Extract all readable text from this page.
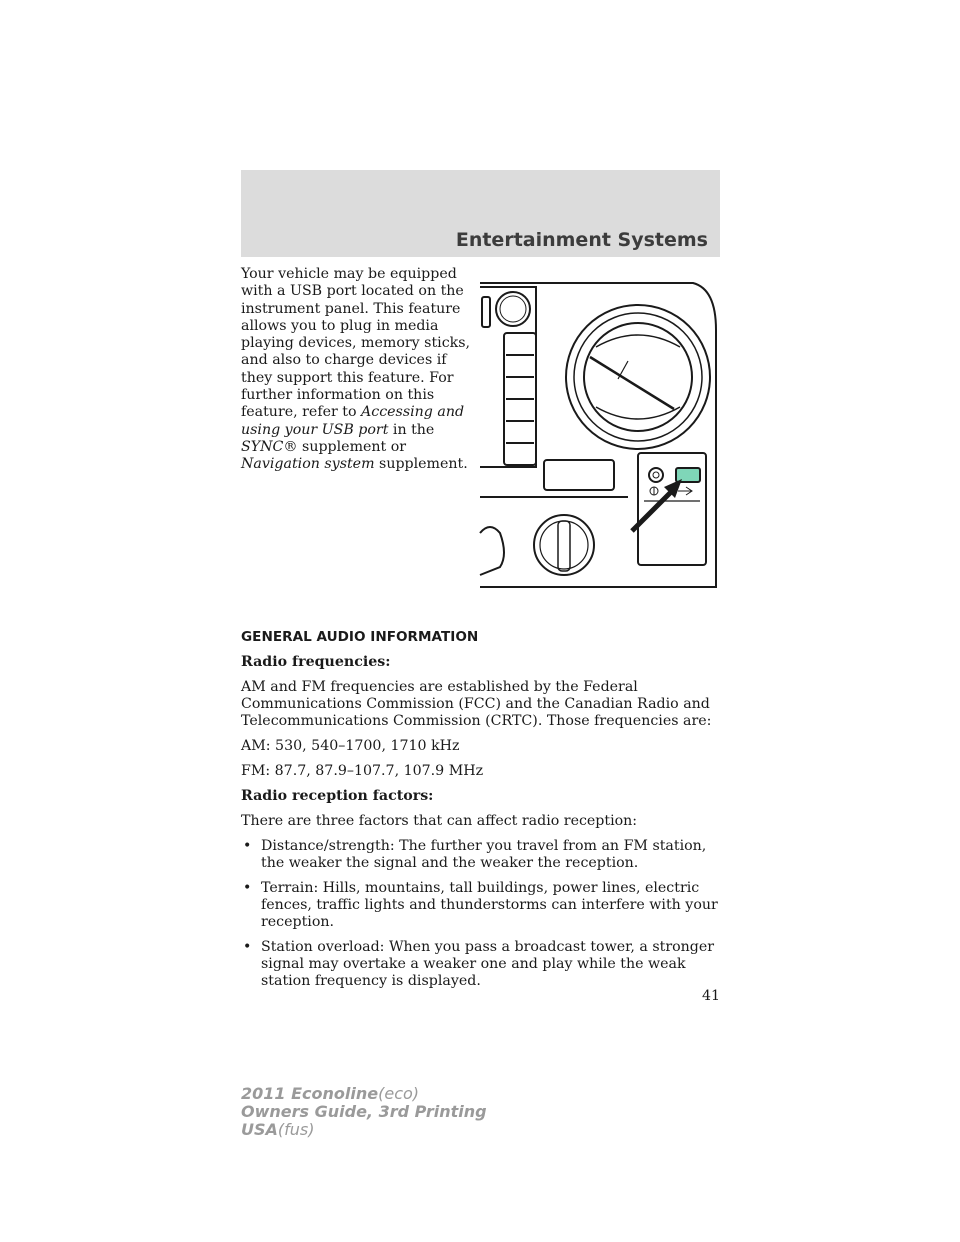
Entertainment Systems

Your vehicle may be equipped with a USB port located on the instrument panel. This feature allows you to plug in media playing devices, memory sticks, and also to charge devices if they support this feature. For further information on this feature, refer to Accessing and using your USB port in the SYNC® supplement or Navigation system supplement.

GENERAL AUDIO INFORMATION

Radio frequencies:

AM and FM frequencies are established by the Federal Communications Commission (FCC) and the Canadian Radio and Telecommunications Commission (CRTC). Those frequencies are:

AM: 530, 540–1700, 1710 kHz

FM: 87.7, 87.9–107.7, 107.9 MHz

Radio reception factors:

There are three factors that can affect radio reception:

• Distance/strength: The further you travel from an FM station, the weaker the signal and the weaker the reception.
• Terrain: Hills, mountains, tall buildings, power lines, electric fences, traffic lights and thunderstorms can interfere with your reception.
• Station overload: When you pass a broadcast tower, a stronger signal may overtake a weaker one and play while the weak station frequency is displayed.
41
2011 Econoline(eco)
Owners Guide, 3rd Printing
USA(fus)
